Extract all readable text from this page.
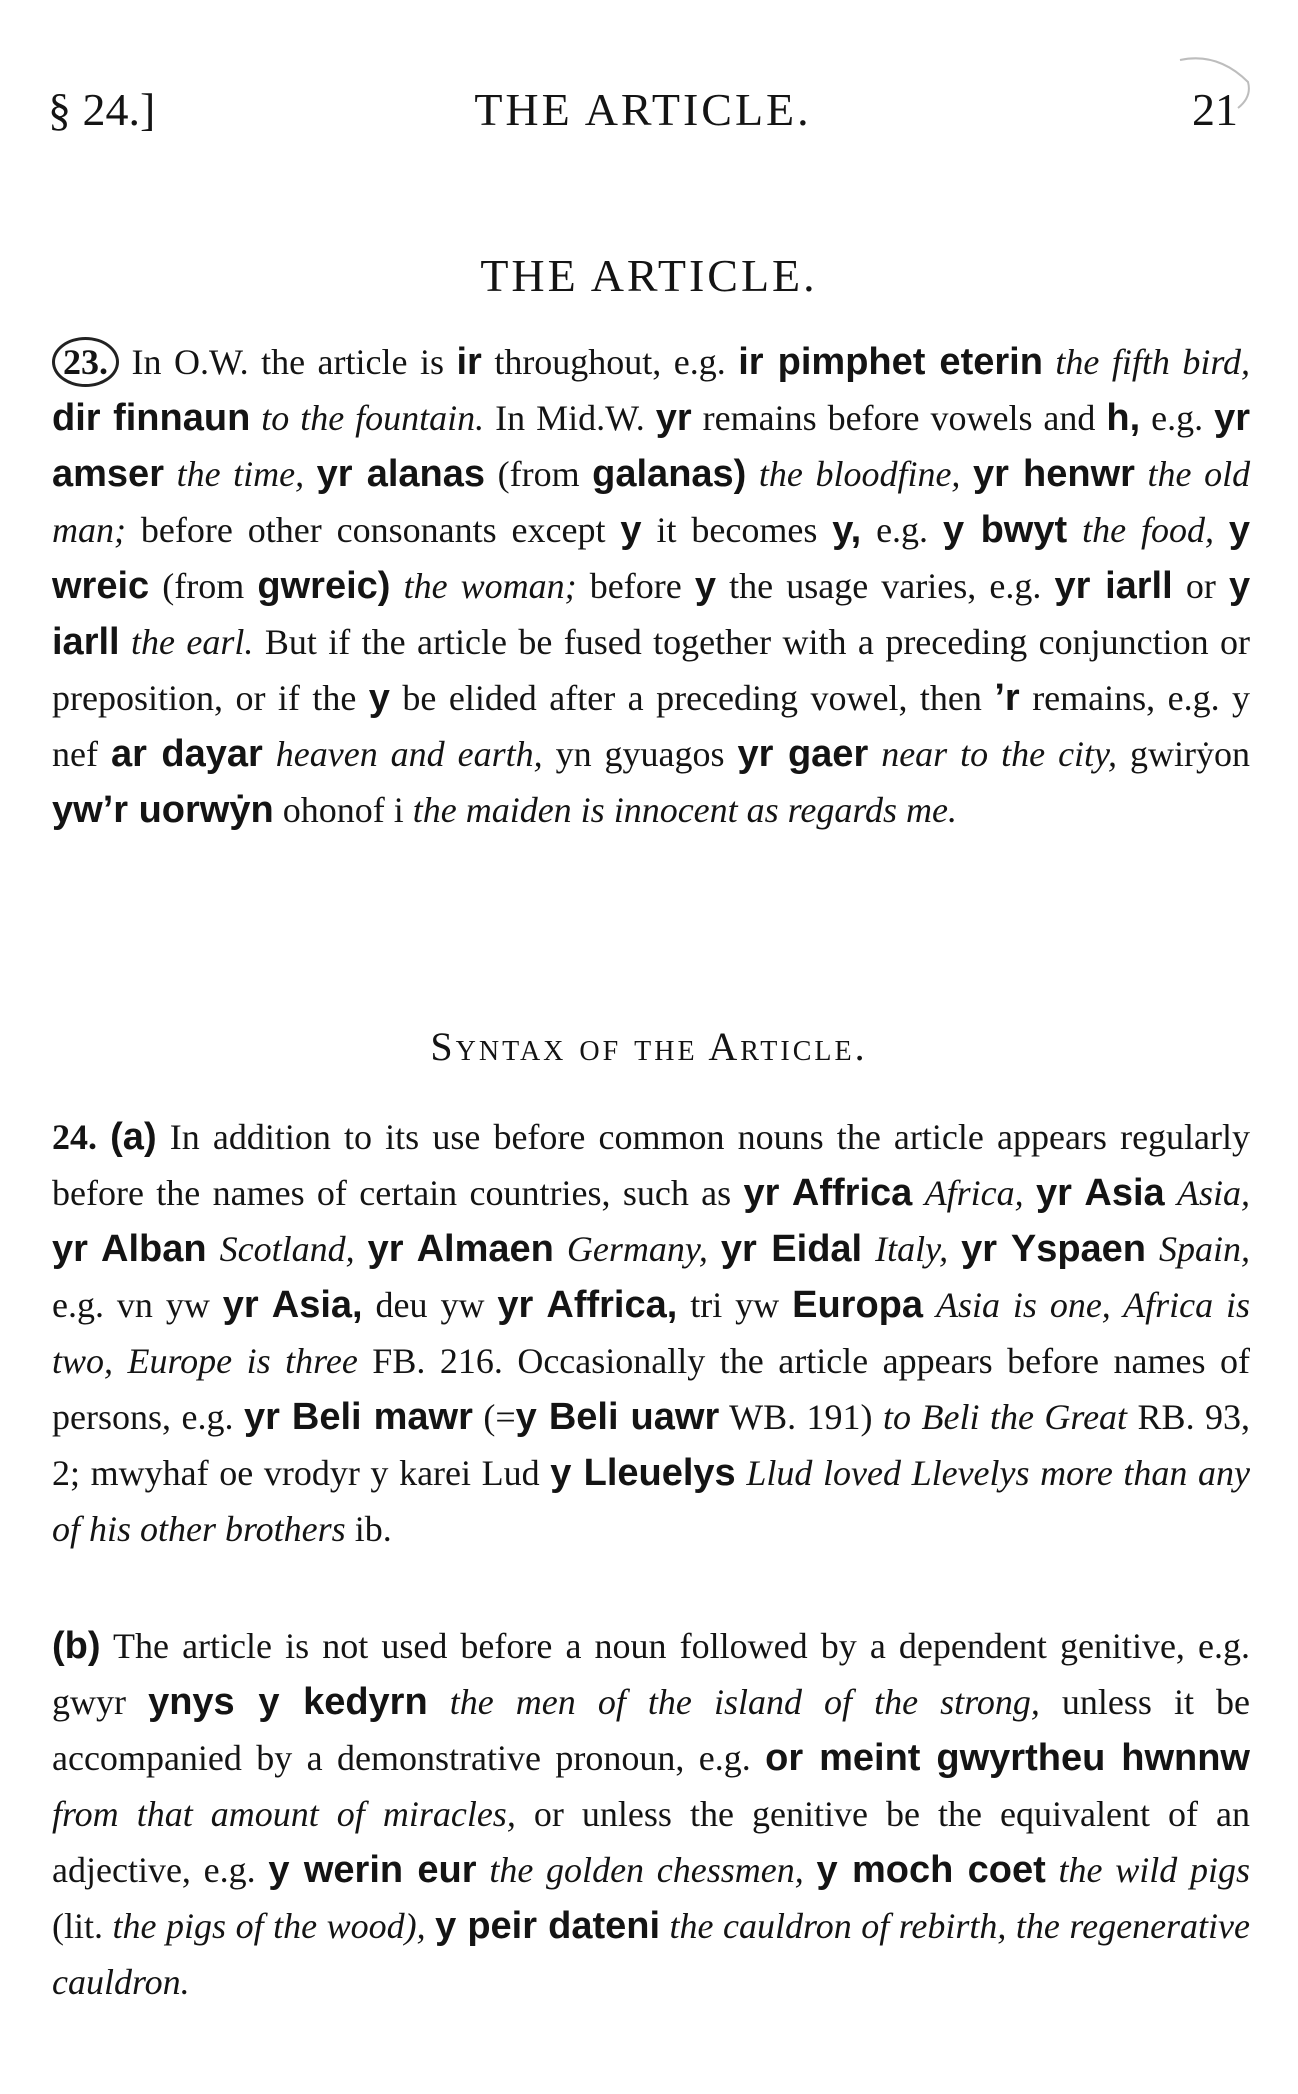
§ 24.]	THE ARTICLE.	21
THE ARTICLE.
23. In O.W. the article is ir throughout, e.g. ir pimphet eterin the fifth bird, dir finnaun to the fountain. In Mid.W. yr remains before vowels and h, e.g. yr amser the time, yr alanas (from galanas) the bloodfine, yr henwr the old man; before other consonants except y it becomes y, e.g. y bwyt the food, y wreic (from gwreic) the woman; before y the usage varies, e.g. yr iarll or y iarll the earl. But if the article be fused together with a preceding conjunction or preposition, or if the y be elided after a preceding vowel, then ’r remains, e.g. y nef ar dayar heaven and earth, yn gyuagos yr gaer near to the city, gwirẏon yw’r uorwẏn ohonof i the maiden is innocent as regards me.
Syntax of the Article.
24. (a) In addition to its use before common nouns the article appears regularly before the names of certain countries, such as yr Affrica Africa, yr Asia Asia, yr Alban Scotland, yr Almaen Germany, yr Eidal Italy, yr Yspaen Spain, e.g. vn yw yr Asia, deu yw yr Affrica, tri yw Europa Asia is one, Africa is two, Europe is three FB. 216. Occasionally the article appears before names of persons, e.g. yr Beli mawr (=y Beli uawr WB. 191) to Beli the Great RB. 93, 2; mwyhaf oe vrodyr y karei Lud y Lleuelys Llud loved Llevelys more than any of his other brothers ib.
(b) The article is not used before a noun followed by a dependent genitive, e.g. gwyr ynys y kedyrn the men of the island of the strong, unless it be accompanied by a demonstrative pronoun, e.g. or meint gwyrtheu hwnnw from that amount of miracles, or unless the genitive be the equivalent of an adjective, e.g. y werin eur the golden chessmen, y moch coet the wild pigs (lit. the pigs of the wood), y peir dateni the cauldron of rebirth, the regenerative cauldron.
